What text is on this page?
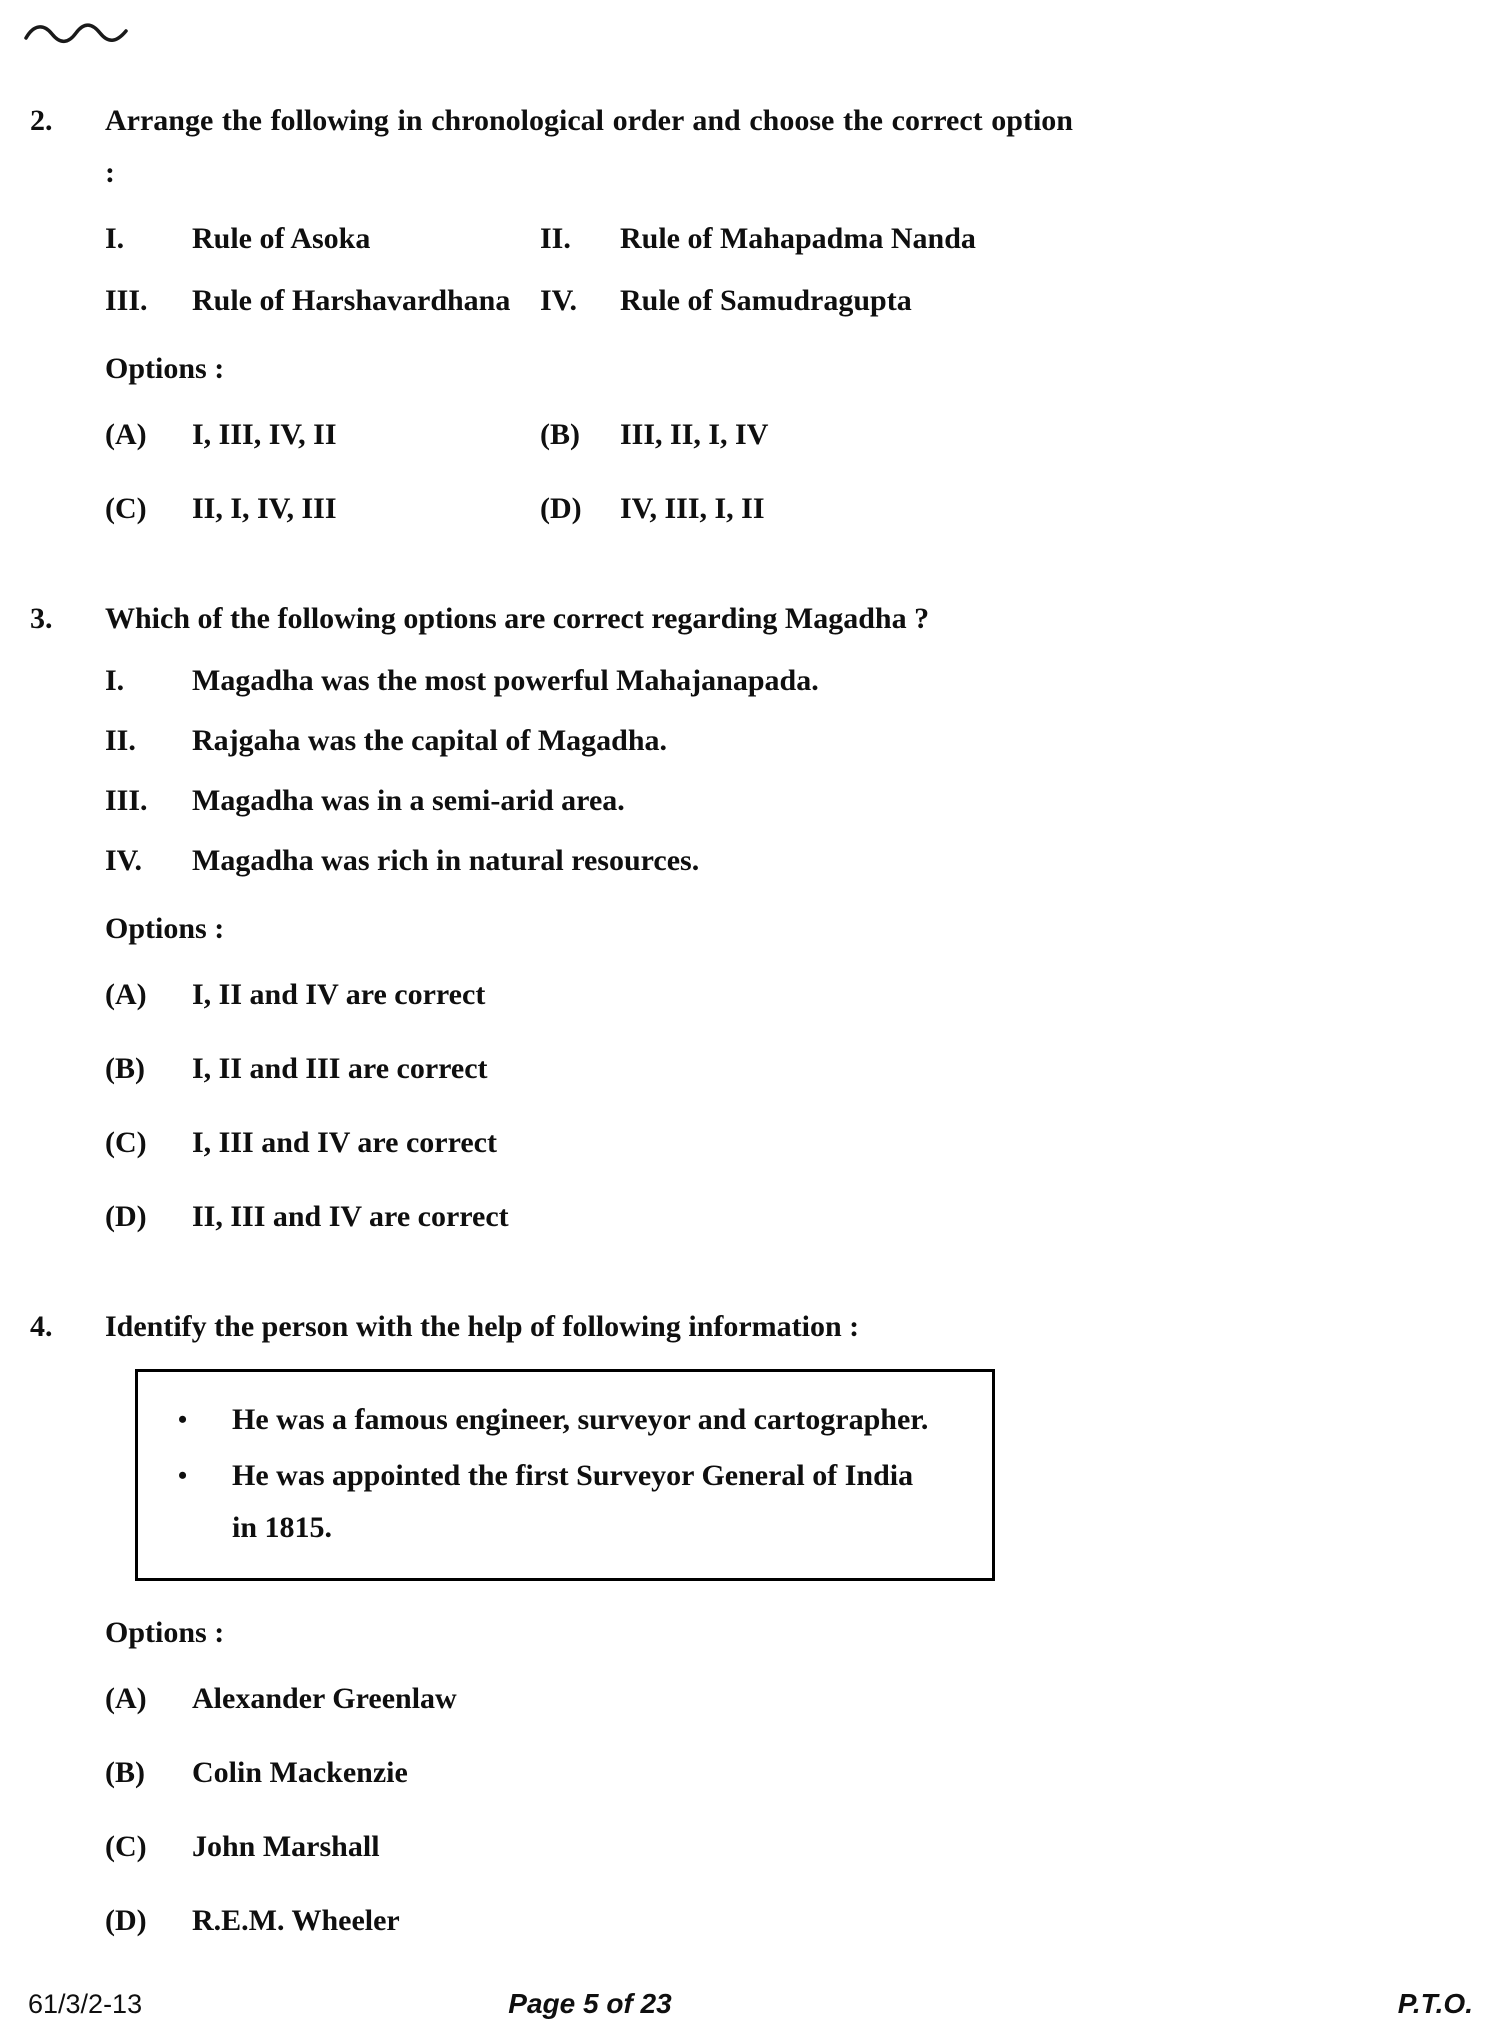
2.	Arrange the following in chronological order and choose the correct option :
I.	Rule of Asoka	II.	Rule of Mahapadma Nanda
III.	Rule of Harshavardhana IV.	Rule of Samudragupta
Options :
(A)	I, III, IV, II	(B)	III, II, I, IV
(C)	II, I, IV, III	(D)	IV, III, I, II
3.	Which of the following options are correct regarding Magadha ?
I.	Magadha was the most powerful Mahajanapada.
II.	Rajgaha was the capital of Magadha.
III.	Magadha was in a semi-arid area.
IV.	Magadha was rich in natural resources.
Options :
(A)	I, II and IV are correct
(B)	I, II and III are correct
(C)	I, III and IV are correct
(D)	II, III and IV are correct
4.	Identify the person with the help of following information :
•	He was a famous engineer, surveyor and cartographer.
•	He was appointed the first Surveyor General of India in 1815.
Options :
(A)	Alexander Greenlaw
(B)	Colin Mackenzie
(C)	John Marshall
(D)	R.E.M. Wheeler
61/3/2-13	Page 5 of 23	P.T.O.
